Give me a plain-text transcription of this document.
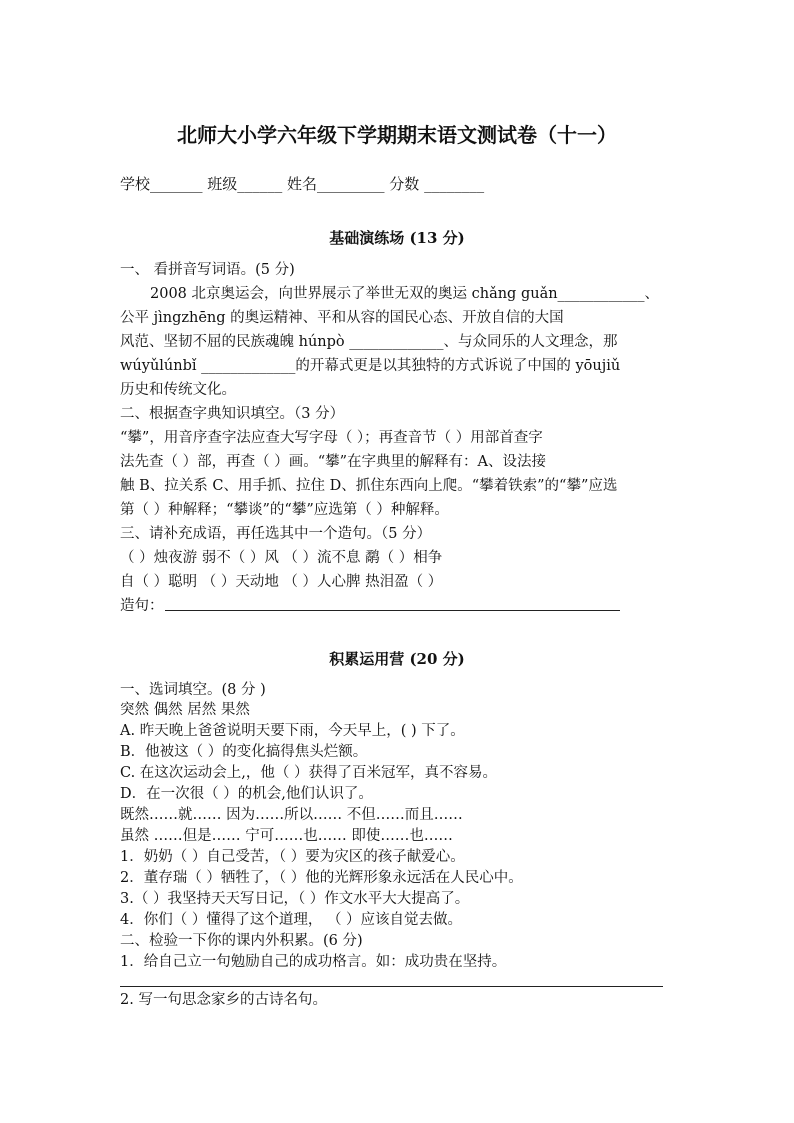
北师大小学六年级下学期期末语文测试卷（十一）
学校_______ 班级______ 姓名_________ 分数 ________
基础演练场 (13 分)
一、 看拼音写词语。(5 分)
2008 北京奥运会，向世界展示了举世无双的奥运 chǎng guǎn____________、
公平 jìngzhēng 的奥运精神、平和从容的国民心态、开放自信的大国
风范、坚韧不屈的民族魂魄 húnpò _____________、与众同乐的人文理念，那
wúyǔlúnbǐ _____________的开幕式更是以其独特的方式诉说了中国的 yōujiǔ
历史和传统文化。
二、根据查字典知识填空。（3 分）
“攀”，用音序查字法应查大写字母（ ）；再查音节（ ）用部首查字
法先查（ ）部，再查（ ）画。“攀”在字典里的解释有：A、设法接
触 B、拉关系 C、用手抓、拉住 D、抓住东西向上爬。“攀着铁索”的“攀”应选
第（ ）种解释；“攀谈”的“攀”应选第（ ）种解释。
三、请补充成语，再任选其中一个造句。（5 分）
（ ）烛夜游 弱不（ ）风 （ ）流不息 鹬（ ）相争
自（ ）聪明 （ ）天动地 （ ）人心脾 热泪盈（ ）
造句：
积累运用营 (20 分)
一、选词填空。(8 分 )
突然 偶然 居然 果然
A. 昨天晚上爸爸说明天要下雨，今天早上，( ) 下了。
B．他被这（ ）的变化搞得焦头烂额。
C. 在这次运动会上,，他（ ）获得了百米冠军，真不容易。
D．在一次很（ ）的机会,他们认识了。
既然……就…… 因为……所以…… 不但……而且……
虽然 ……但是…… 宁可……也…… 即使……也……
1．奶奶（ ）自己受苦，（ ）要为灾区的孩子献爱心。
2．董存瑞（ ）牺牲了，（ ）他的光辉形象永远活在人民心中。
3.（ ）我坚持天天写日记，（ ）作文水平大大提高了。
4．你们（ ）懂得了这个道理， （ ）应该自觉去做。
二、检验一下你的课内外积累。(6 分)
1．给自己立一句勉励自己的成功格言。如：成功贵在坚持。
2. 写一句思念家乡的古诗名句。
